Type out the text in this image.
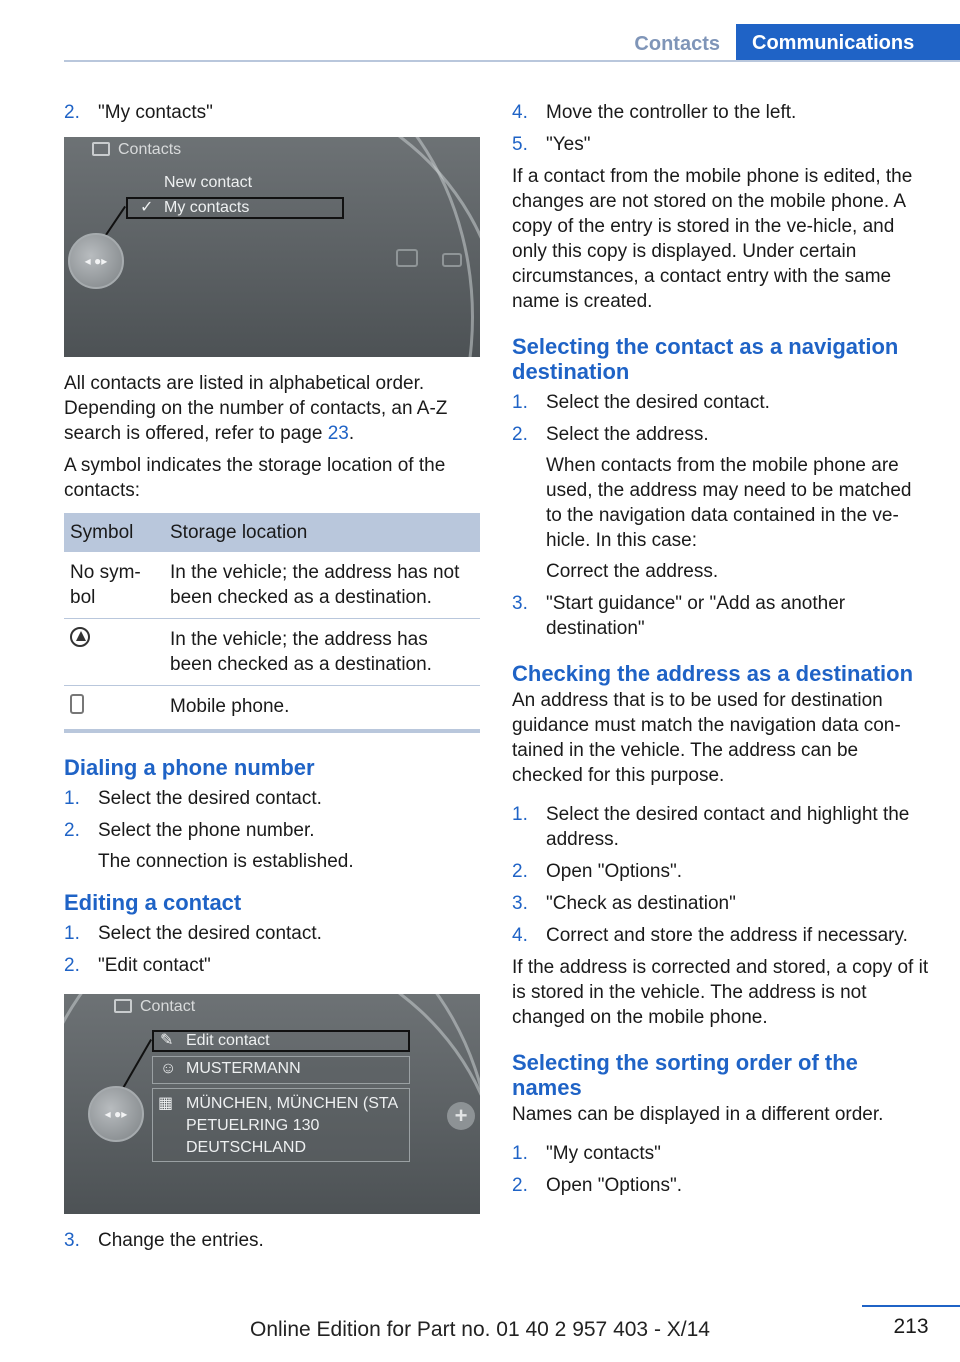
Contacts	Communications
2. "My contacts"
Contacts
New contact
✓ My contacts
◂ ●▸

All contacts are listed in alphabetical order. Depending on the number of contacts, an A-Z search is offered, refer to page 23.

A symbol indicates the storage location of the contacts:

Symbol	Storage location
No sym-bol	In the vehicle; the address has not been checked as a destination.
	In the vehicle; the address has been checked as a destination.
	Mobile phone.
Dialing a phone number
1. Select the desired contact.
2. Select the phone number.
The connection is established.
Editing a contact
1. Select the desired contact.
2. "Edit contact"
Contact
✎ Edit contact
☺ MUSTERMANN
▦ MÜNCHEN, MÜNCHEN (STA
PETUELRING 130
DEUTSCHLAND
◂ ●▸	+
3. Change the entries.
4. Move the controller to the left.
5. "Yes"

If a contact from the mobile phone is edited, the changes are not stored on the mobile phone. A copy of the entry is stored in the ve-hicle, and only this copy is displayed. Under certain circumstances, a contact entry with the same name is created.

Selecting the contact as a navigation destination
1. Select the desired contact.
2. Select the address.
When contacts from the mobile phone are used, the address may need to be matched to the navigation data contained in the ve-hicle. In this case:
Correct the address.
3. "Start guidance" or "Add as another destination"
Checking the address as a destination

An address that is to be used for destination guidance must match the navigation data con-tained in the vehicle. The address can be checked for this purpose.

1. Select the desired contact and highlight the address.
2. Open "Options".
3. "Check as destination"
4. Correct and store the address if necessary.

If the address is corrected and stored, a copy of it is stored in the vehicle. The address is not changed on the mobile phone.

Selecting the sorting order of the names

Names can be displayed in a different order.

1. "My contacts"
2. Open "Options".
213
Online Edition for Part no. 01 40 2 957 403 - X/14
